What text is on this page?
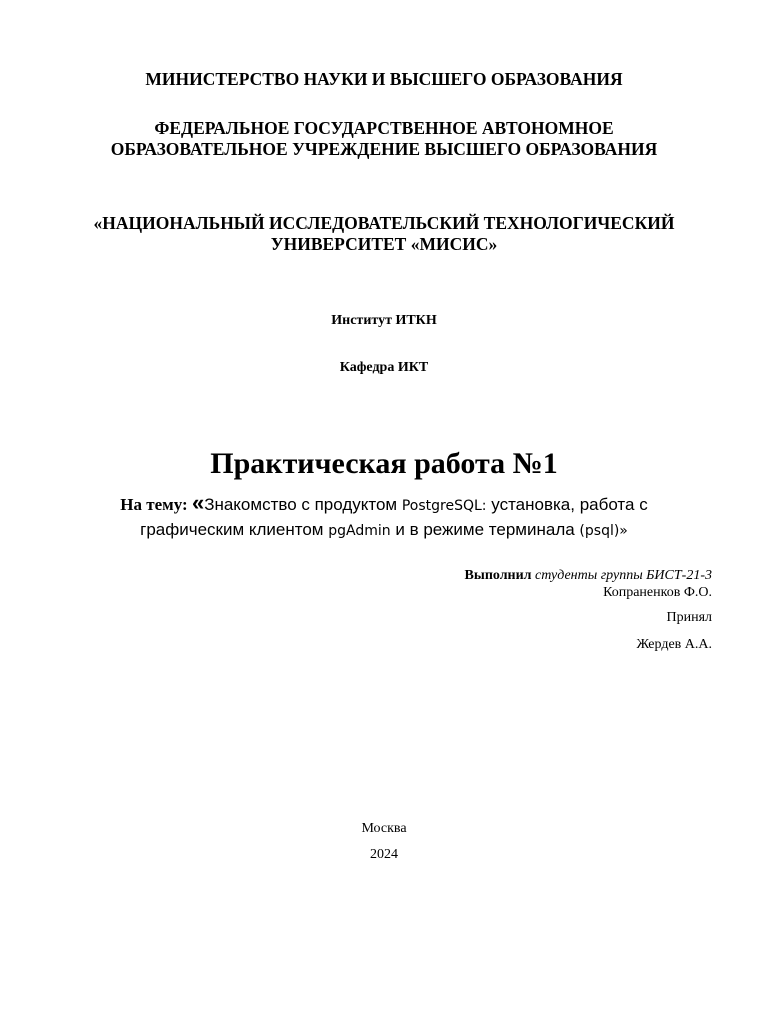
МИНИСТЕРСТВО НАУКИ И ВЫСШЕГО ОБРАЗОВАНИЯ
ФЕДЕРАЛЬНОЕ ГОСУДАРСТВЕННОЕ АВТОНОМНОЕ
ОБРАЗОВАТЕЛЬНОЕ УЧРЕЖДЕНИЕ ВЫСШЕГО ОБРАЗОВАНИЯ
«НАЦИОНАЛЬНЫЙ ИССЛЕДОВАТЕЛЬСКИЙ ТЕХНОЛОГИЧЕСКИЙ
УНИВЕРСИТЕТ «МИСИС»
Институт ИТКН
Кафедра ИКТ
Практическая работа №1
На тему: «Знакомство с продуктом PostgreSQL: установка, работа с
графическим клиентом pgAdmin и в режиме терминала (psql)»
Выполнил студенты группы БИСТ-21-3
Копраненков Ф.О.
Принял
Жердев А.А.
Москва
2024
